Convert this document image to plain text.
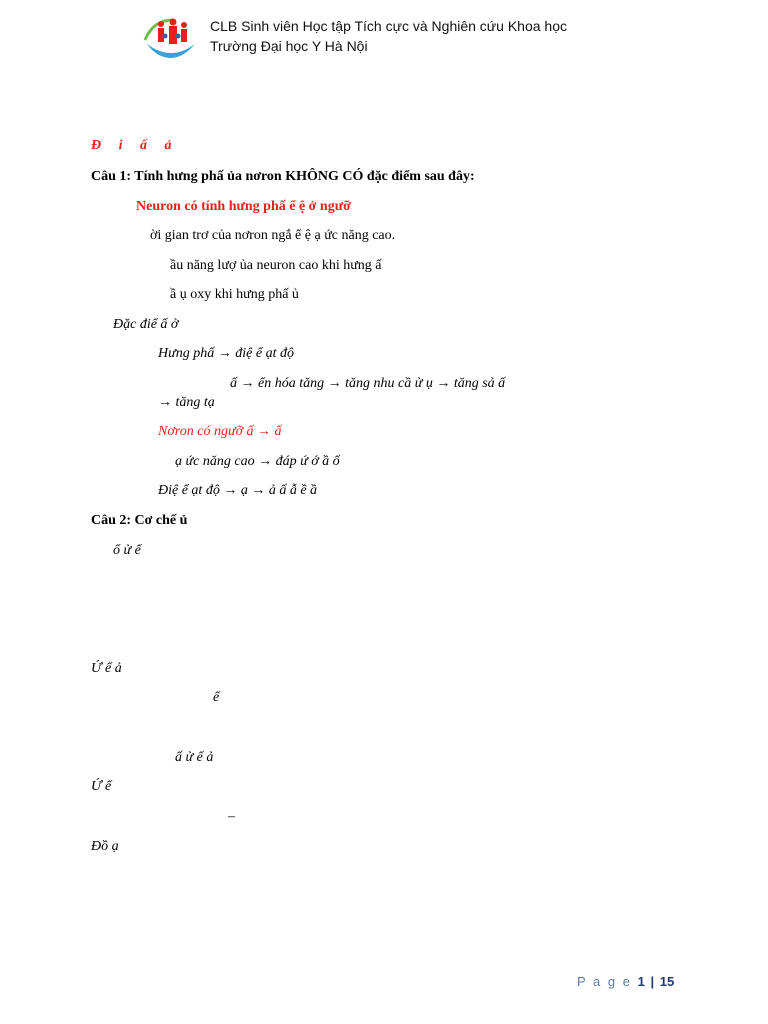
CLB Sinh viên Học tập Tích cực và Nghiên cứu Khoa học
Trường Đại học Y Hà Nội
Đ i ấ ả
Câu 1: Tính hưng phấ ủa nơron KHÔNG CÓ đặc điểm sau đây:
Neuron có tính hưng phấ ể ệ ở ngưỡ
ời gian trơ của nơron ngắ ể ệ ạ ức năng cao.
ầu năng lượ ủa neuron cao khi hưng ấ
ầ ụ oxy khi hưng phấ ủ
Đặc điể ấ ở
Hưng phấ → điệ ể ạt độ
ấ → ển hóa tăng → tăng nhu cầ ử ụ → tăng sả ấ
→ tăng tạ
Nơron có ngưỡ ấ → ấ
ạ ức năng cao → đáp ứ ớ ầ ố
Điệ ể ạt độ → ạ → ả ấ ẫ ề ầ
Câu 2: Cơ chế ủ
ổ ử ể
Ứ ể ả
ể
ấ ử ể ả
Ứ ể
–
Đồ ạ
P a g e 1 | 15
